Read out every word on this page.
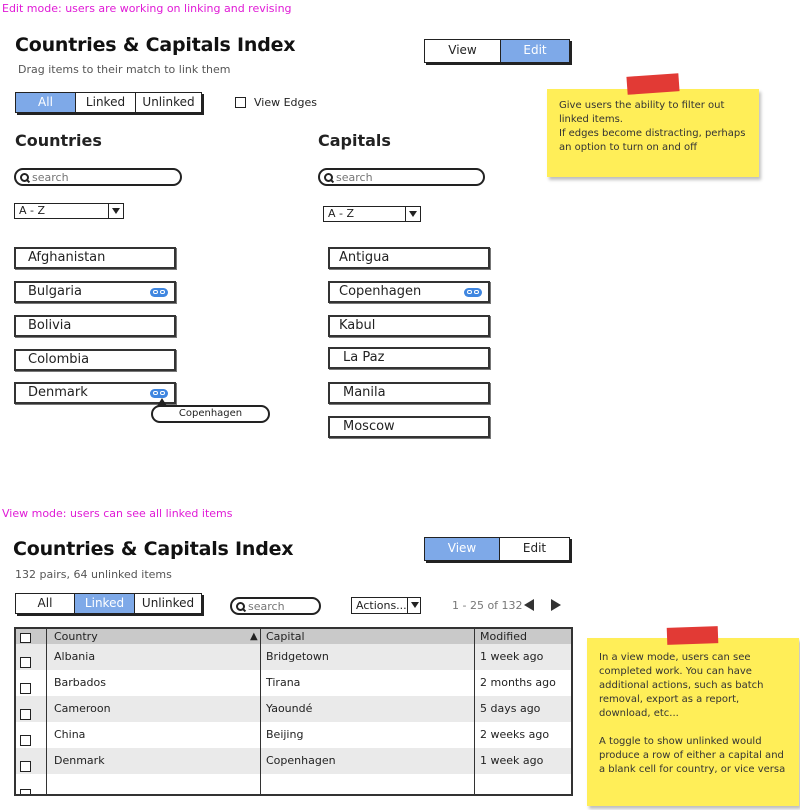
Edit mode: users are working on linking and revising
Countries & Capitals Index
Drag items to their match to link them
View	Edit
All	Linked	Unlinked	View Edges
Countries	Capitals
search
search
A - Z	A - Z
Afghanistan
Bulgaria
Bolivia
Colombia
Denmark
Copenhagen
Antigua
Copenhagen
Kabul
La Paz
Manila
Moscow
Give users the ability to filter out linked items.
If edges become distracting, perhaps an option to turn on and off
View mode: users can see all linked items
Countries & Capitals Index
132 pairs, 64 unlinked items
View	Edit
All	Linked	Unlinked
search	Actions...	1 - 25 of 132
Country	▲ Capital	Modified
Albania	Bridgetown	1 week ago
Barbados	Tirana	2 months ago
Cameroon	Yaoundé	5 days ago
China	Beijing	2 weeks ago
Denmark	Copenhagen	1 week ago
In a view mode, users can see completed work. You can have additional actions, such as batch removal, export as a report, download, etc...

A toggle to show unlinked would produce a row of either a capital and a blank cell for country, or vice versa
